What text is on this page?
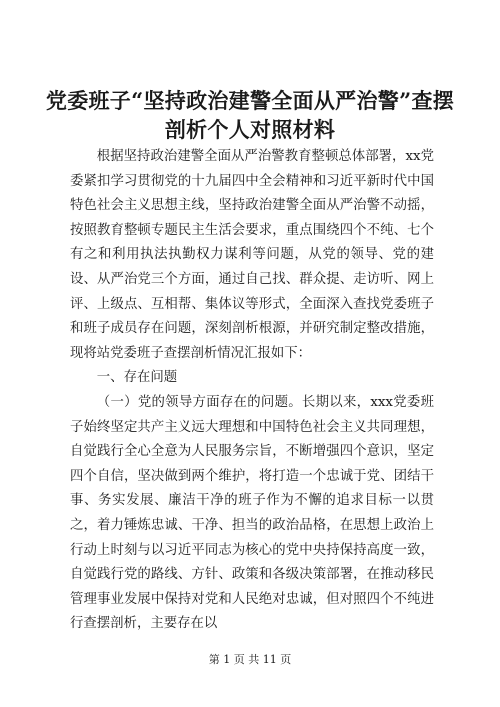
党委班子“坚持政治建警全面从严治警”查摆剖析个人对照材料

根据坚持政治建警全面从严治警教育整顿总体部署，xx党委紧扣学习贯彻党的十九届四中全会精神和习近平新时代中国特色社会主义思想主线，坚持政治建警全面从严治警不动摇，按照教育整顿专题民主生活会要求，重点围绕四个不纯、七个有之和利用执法执勤权力谋利等问题，从党的领导、党的建设、从严治党三个方面，通过自己找、群众提、走访听、网上评、上级点、互相帮、集体议等形式，全面深入查找党委班子和班子成员存在问题，深刻剖析根源，并研究制定整改措施，现将站党委班子查摆剖析情况汇报如下：

一、存在问题

（一）党的领导方面存在的问题。长期以来，xxx党委班子始终坚定共产主义远大理想和中国特色社会主义共同理想，自觉践行全心全意为人民服务宗旨，不断增强四个意识，坚定四个自信，坚决做到两个维护，将打造一个忠诚于党、团结干事、务实发展、廉洁干净的班子作为不懈的追求目标一以贯之，着力锤炼忠诚、干净、担当的政治品格，在思想上政治上行动上时刻与以习近平同志为核心的党中央持保持高度一致，自觉践行党的路线、方针、政策和各级决策部署，在推动移民管理事业发展中保持对党和人民绝对忠诚，但对照四个不纯进行查摆剖析，主要存在以

第 1 页 共 11 页
